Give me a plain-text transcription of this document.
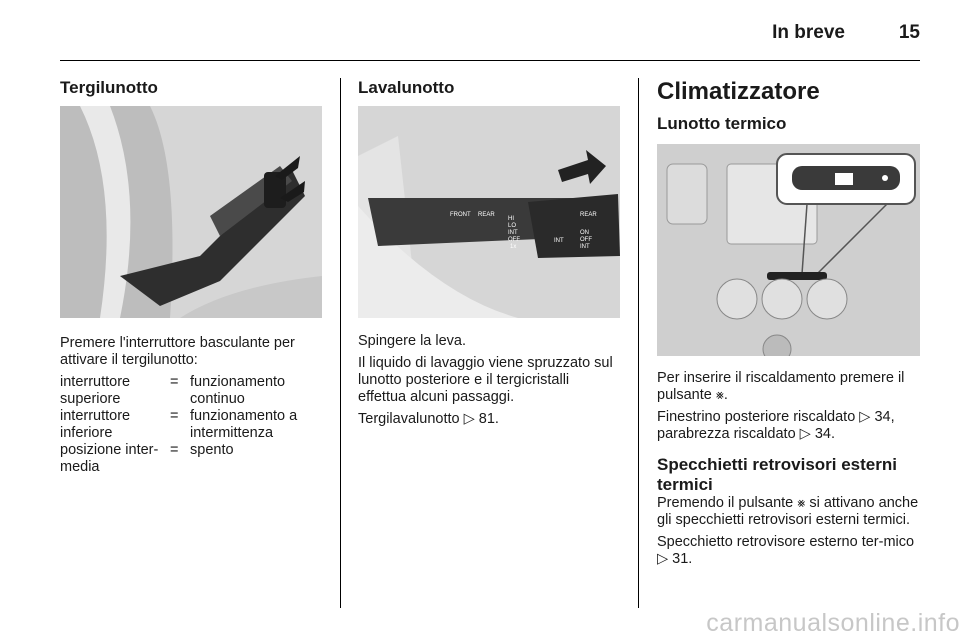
In breve	15
Tergilunotto

Premere l'interruttore basculante per attivare il tergilunotto:

interruttore superiore
= funzionamento continuo
interruttore inferiore
= funzionamento a intermittenza
posizione inter-media
= spento
Lavalunotto
FRONT REAR
HI
LO
INT
OFF
1x
INT
REAR
ON
OFF
INT

Spingere la leva.

Il liquido di lavaggio viene spruzzato sul lunotto posteriore e il tergicristalli effettua alcuni passaggi.

Tergilavalunotto ▷ 81.

Climatizzatore
Lunotto termico

Per inserire il riscaldamento premere il pulsante ⨳.

Finestrino posteriore riscaldato ▷ 34, parabrezza riscaldato ▷ 34.

Specchietti retrovisori esterni termici

Premendo il pulsante ⨳ si attivano anche gli specchietti retrovisori esterni termici.

Specchietto retrovisore esterno ter-mico ▷ 31.

carmanualsonline.info
